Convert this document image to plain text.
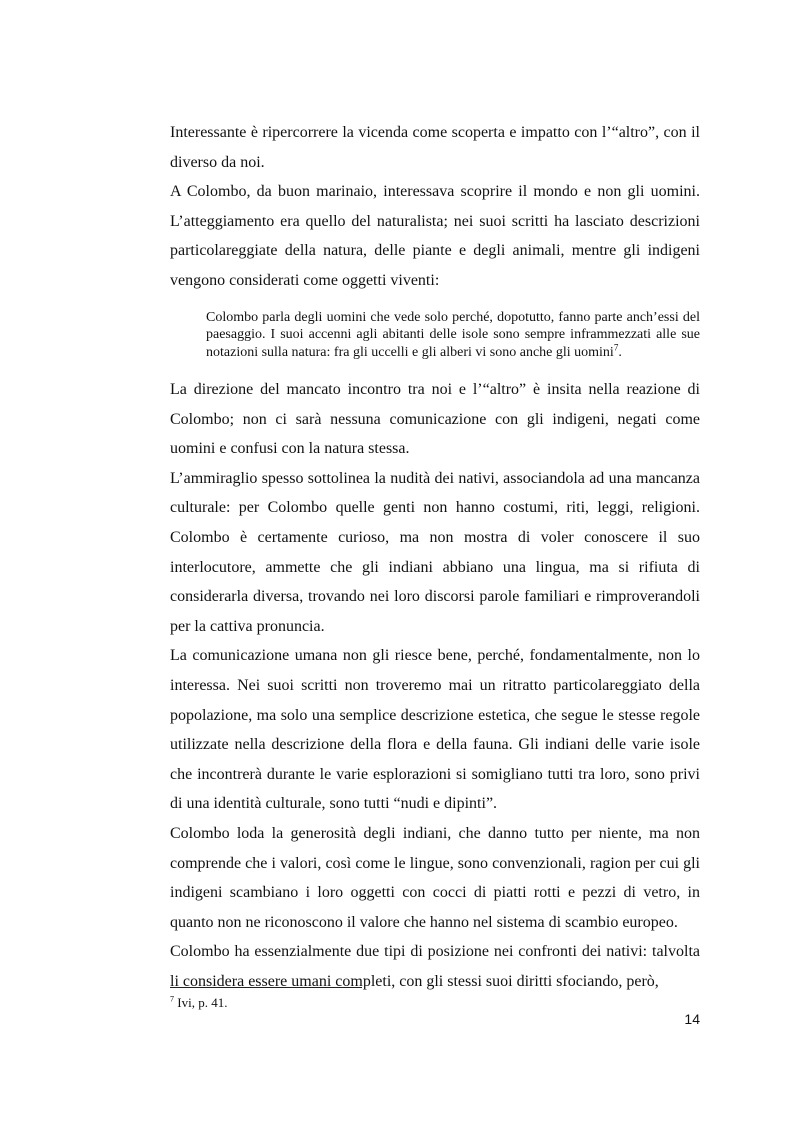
Interessante è ripercorrere la vicenda come scoperta e impatto con l’“altro”, con il diverso da noi.

A Colombo, da buon marinaio, interessava scoprire il mondo e non gli uomini. L’atteggiamento era quello del naturalista; nei suoi scritti ha lasciato descrizioni particolareggiate della natura, delle piante e degli animali, mentre gli indigeni vengono considerati come oggetti viventi:

Colombo parla degli uomini che vede solo perché, dopotutto, fanno parte anch’essi del paesaggio. I suoi accenni agli abitanti delle isole sono sempre inframmezzati alle sue notazioni sulla natura: fra gli uccelli e gli alberi vi sono anche gli uomini$^7$.

La direzione del mancato incontro tra noi e l’“altro” è insita nella reazione di Colombo; non ci sarà nessuna comunicazione con gli indigeni, negati come uomini e confusi con la natura stessa.

L’ammiraglio spesso sottolinea la nudità dei nativi, associandola ad una mancanza culturale: per Colombo quelle genti non hanno costumi, riti, leggi, religioni. Colombo è certamente curioso, ma non mostra di voler conoscere il suo interlocutore, ammette che gli indiani abbiano una lingua, ma si rifiuta di considerarla diversa, trovando nei loro discorsi parole familiari e rimproverandoli per la cattiva pronuncia.

La comunicazione umana non gli riesce bene, perché, fondamentalmente, non lo interessa. Nei suoi scritti non troveremo mai un ritratto particolareggiato della popolazione, ma solo una semplice descrizione estetica, che segue le stesse regole utilizzate nella descrizione della flora e della fauna. Gli indiani delle varie isole che incontrerà durante le varie esplorazioni si somigliano tutti tra loro, sono privi di una identità culturale, sono tutti “nudi e dipinti”.

Colombo loda la generosità degli indiani, che danno tutto per niente, ma non comprende che i valori, così come le lingue, sono convenzionali, ragion per cui gli indigeni scambiano i loro oggetti con cocci di piatti rotti e pezzi di vetro, in quanto non ne riconoscono il valore che hanno nel sistema di scambio europeo.

Colombo ha essenzialmente due tipi di posizione nei confronti dei nativi: talvolta li considera essere umani completi, con gli stessi suoi diritti sfociando, però,

$^7$ Ivi, p. 41.
14
